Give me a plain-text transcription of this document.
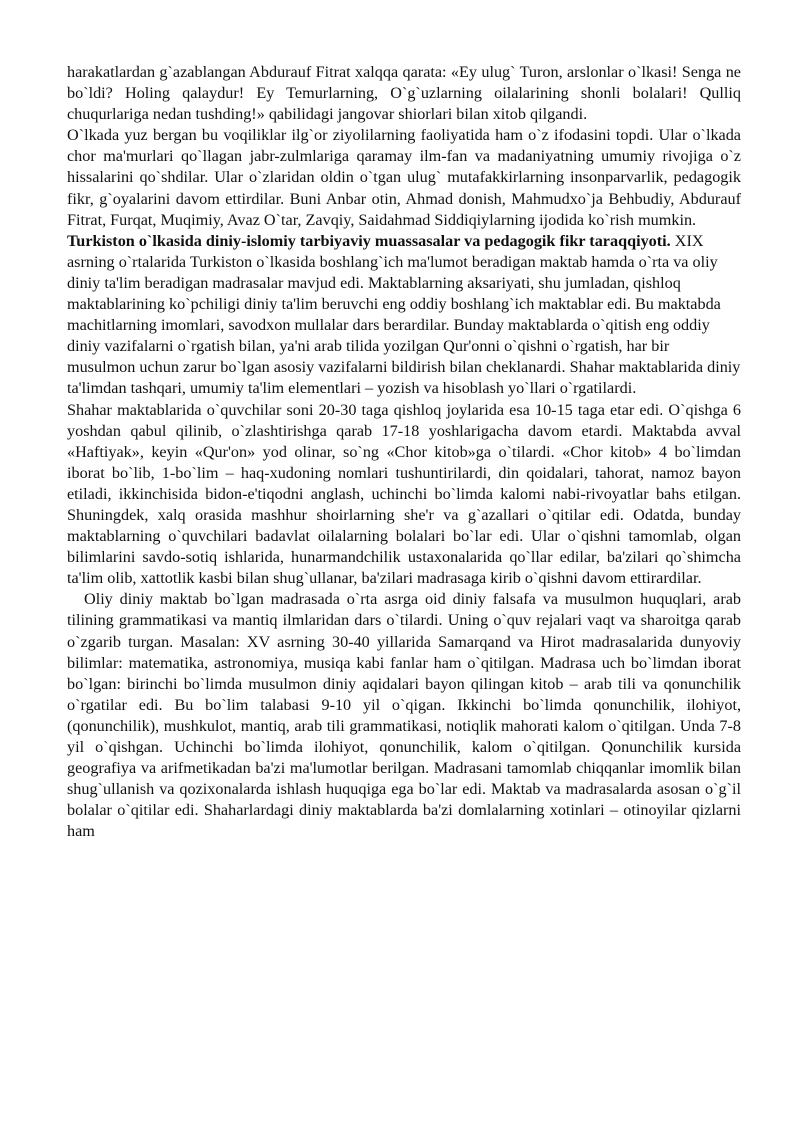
harakatlardan g`azablangan Abdurauf Fitrat xalqqa qarata: «Ey ulug` Turon, arslonlar o`lkasi! Senga ne bo`ldi? Holing qalaydur! Ey Temurlarning, O`g`uzlarning oilalarining shonli bolalari! Qulliq chuqurlariga nedan tushding!» qabilidagi jangovar shiorlari bilan xitob qilgandi.

O`lkada yuz bergan bu voqiliklar ilg`or ziyolilarning faoliyatida ham o`z ifodasini topdi. Ular o`lkada chor ma'murlari qo`llagan jabr-zulmlariga qaramay ilm-fan va madaniyatning umumiy rivojiga o`z hissalarini qo`shdilar. Ular o`zlaridan oldin o`tgan ulug` mutafakkirlarning insonparvarlik, pedagogik fikr, g`oyalarini davom ettirdilar. Buni Anbar otin, Ahmad donish, Mahmudxo`ja Behbudiy, Abdurauf Fitrat, Furqat, Muqimiy, Avaz O`tar, Zavqiy, Saidahmad Siddiqiylarning ijodida ko`rish mumkin.

Turkiston o`lkasida diniy-islomiy tarbiyaviy muassasalar va pedagogik fikr taraqqiyoti. XIX asrning o`rtalarida Turkiston o`lkasida boshlang`ich ma'lumot beradigan maktab hamda o`rta va oliy diniy ta'lim beradigan madrasalar mavjud edi. Maktablarning aksariyati, shu jumladan, qishloq maktablarining ko`pchiligi diniy ta'lim beruvchi eng oddiy boshlang`ich maktablar edi. Bu maktabda machitlarning imomlari, savodxon mullalar dars berardilar. Bunday maktablarda o`qitish eng oddiy diniy vazifalarni o`rgatish bilan, ya'ni arab tilida yozilgan Qur'onni o`qishni o`rgatish, har bir musulmon uchun zarur bo`lgan asosiy vazifalarni bildirish bilan cheklanardi. Shahar maktablarida diniy ta'limdan tashqari, umumiy ta'lim elementlari – yozish va hisoblash yo`llari o`rgatilardi.

Shahar maktablarida o`quvchilar soni 20-30 taga qishloq joylarida esa 10-15 taga etar edi. O`qishga 6 yoshdan qabul qilinib, o`zlashtirishga qarab 17-18 yoshlarigacha davom etardi. Maktabda avval «Haftiyak», keyin «Qur'on» yod olinar, so`ng «Chor kitob»ga o`tilardi. «Chor kitob» 4 bo`limdan iborat bo`lib, 1-bo`lim – haq-xudoning nomlari tushuntirilardi, din qoidalari, tahorat, namoz bayon etiladi, ikkinchisida bidon-e'tiqodni anglash, uchinchi bo`limda kalomi nabi-rivoyatlar bahs etilgan. Shuningdek, xalq orasida mashhur shoirlarning she'r va g`azallari o`qitilar edi. Odatda, bunday maktablarning o`quvchilari badavlat oilalarning bolalari bo`lar edi. Ular o`qishni tamomlab, olgan bilimlarini savdo-sotiq ishlarida, hunarmandchilik ustaxonalarida qo`llar edilar, ba'zilari qo`shimcha ta'lim olib, xattotlik kasbi bilan shug`ullanar, ba'zilari madrasaga kirib o`qishni davom ettirardilar.

Oliy diniy maktab bo`lgan madrasada o`rta asrga oid diniy falsafa va musulmon huquqlari, arab tilining grammatikasi va mantiq ilmlaridan dars o`tilardi. Uning o`quv rejalari vaqt va sharoitga qarab o`zgarib turgan. Masalan: XV asrning 30-40 yillarida Samarqand va Hirot madrasalarida dunyoviy bilimlar: matematika, astronomiya, musiqa kabi fanlar ham o`qitilgan. Madrasa uch bo`limdan iborat bo`lgan: birinchi bo`limda musulmon diniy aqidalari bayon qilingan kitob – arab tili va qonunchilik o`rgatilar edi. Bu bo`lim talabasi 9-10 yil o`qigan. Ikkinchi bo`limda qonunchilik, ilohiyot, (qonunchilik), mushkulot, mantiq, arab tili grammatikasi, notiqlik mahorati kalom o`qitilgan. Unda 7-8 yil o`qishgan. Uchinchi bo`limda ilohiyot, qonunchilik, kalom o`qitilgan. Qonunchilik kursida geografiya va arifmetikadan ba'zi ma'lumotlar berilgan. Madrasani tamomlab chiqqanlar imomlik bilan shug`ullanish va qozixonalarda ishlash huquqiga ega bo`lar edi. Maktab va madrasalarda asosan o`g`il bolalar o`qitilar edi. Shaharlardagi diniy maktablarda ba'zi domlalarning xotinlari – otinoyilar qizlarni ham
